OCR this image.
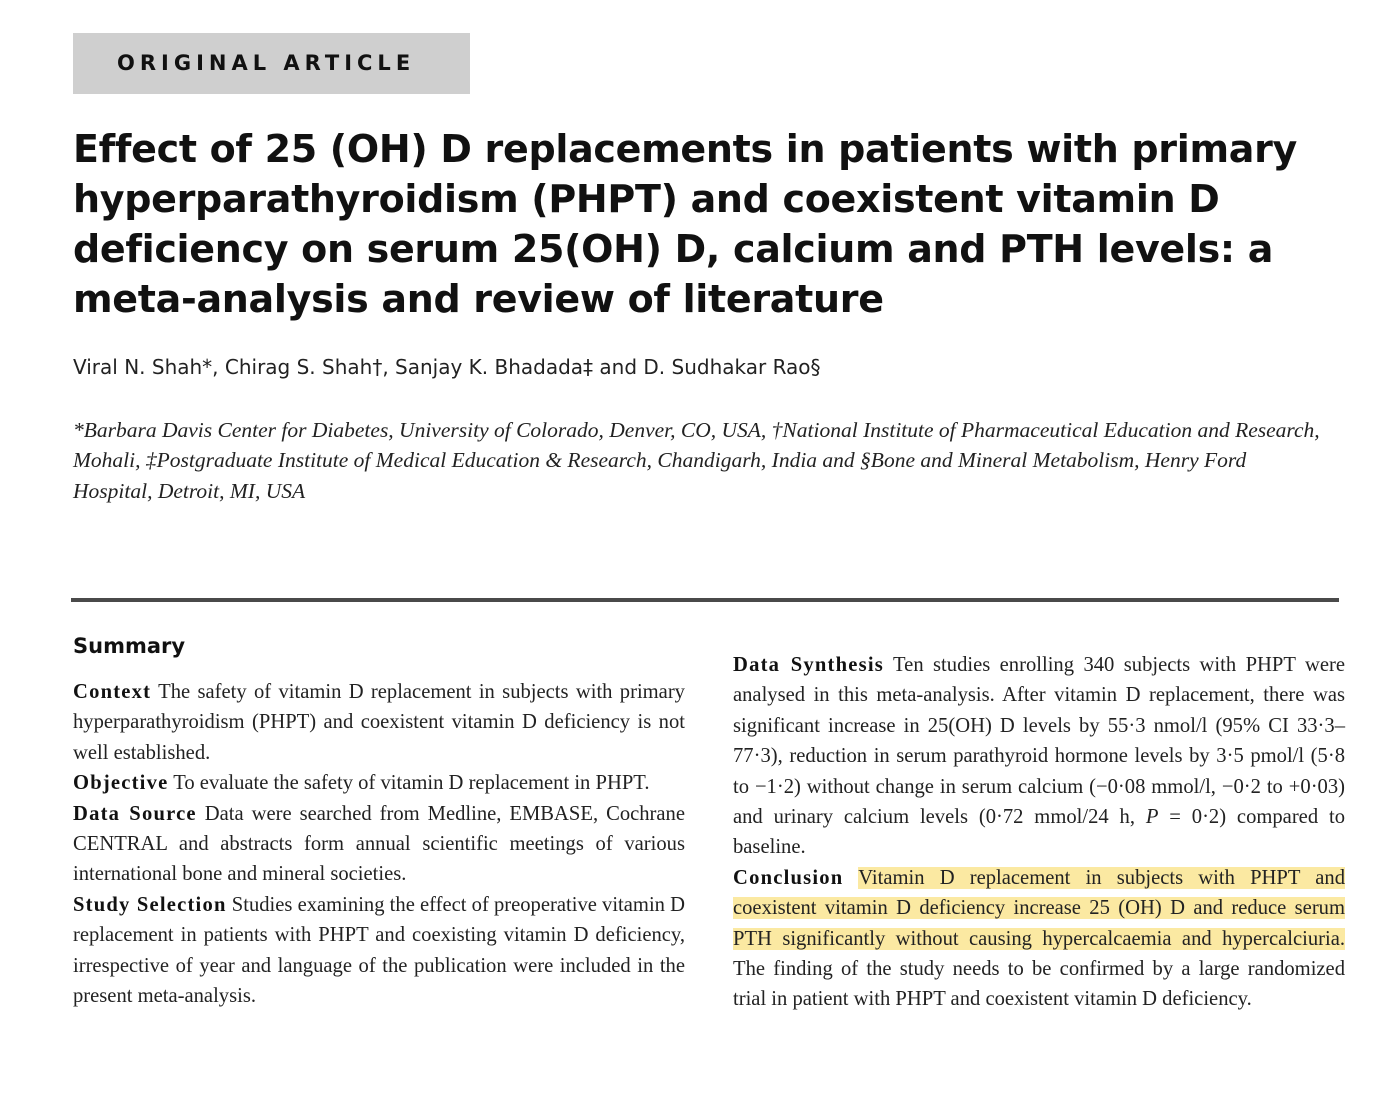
ORIGINAL ARTICLE
Effect of 25 (OH) D replacements in patients with primary hyperparathyroidism (PHPT) and coexistent vitamin D deficiency on serum 25(OH) D, calcium and PTH levels: a meta-analysis and review of literature

Viral N. Shah*, Chirag S. Shah†, Sanjay K. Bhadada‡ and D. Sudhakar Rao§

*Barbara Davis Center for Diabetes, University of Colorado, Denver, CO, USA, †National Institute of Pharmaceutical Education and Research, Mohali, ‡Postgraduate Institute of Medical Education & Research, Chandigarh, India and §Bone and Mineral Metabolism, Henry Ford Hospital, Detroit, MI, USA

Summary

Context The safety of vitamin D replacement in subjects with primary hyperparathyroidism (PHPT) and coexistent vitamin D deficiency is not well established.

Objective To evaluate the safety of vitamin D replacement in PHPT.

Data Source Data were searched from Medline, EMBASE, Cochrane CENTRAL and abstracts form annual scientific meetings of various international bone and mineral societies.

Study Selection Studies examining the effect of preoperative vitamin D replacement in patients with PHPT and coexisting vitamin D deficiency, irrespective of year and language of the publication were included in the present meta-analysis.

Data Synthesis Ten studies enrolling 340 subjects with PHPT were analysed in this meta-analysis. After vitamin D replacement, there was significant increase in 25(OH) D levels by 55·3 nmol/l (95% CI 33·3–77·3), reduction in serum parathyroid hormone levels by 3·5 pmol/l (5·8 to −1·2) without change in serum calcium (−0·08 mmol/l, −0·2 to +0·03) and urinary calcium levels (0·72 mmol/24 h, P = 0·2) compared to baseline.

Conclusion Vitamin D replacement in subjects with PHPT and coexistent vitamin D deficiency increase 25 (OH) D and reduce serum PTH significantly without causing hypercalcaemia and hypercalciuria. The finding of the study needs to be confirmed by a large randomized trial in patient with PHPT and coexistent vitamin D deficiency.
